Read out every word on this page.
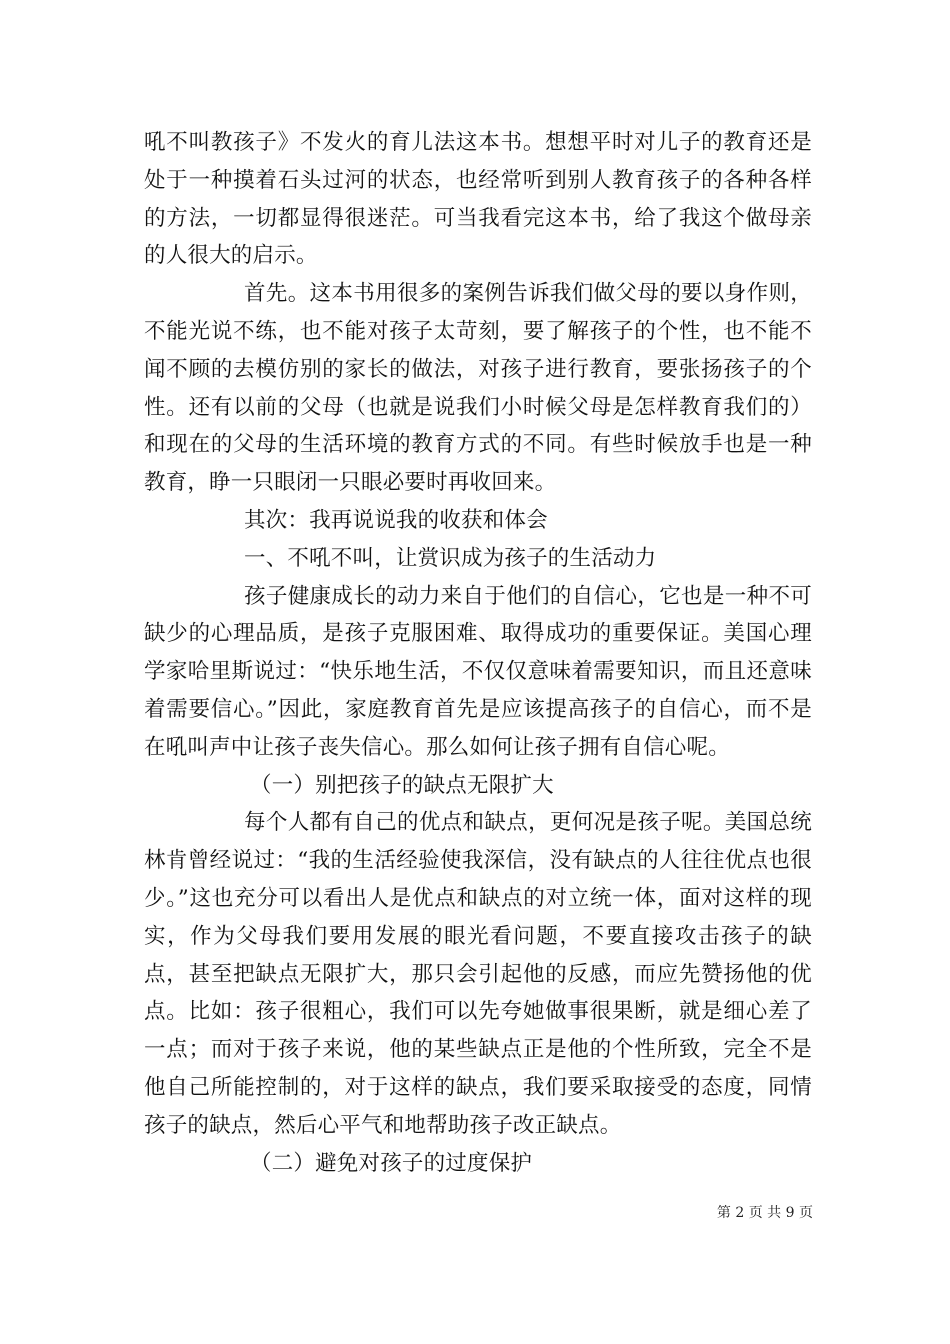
吼不叫教孩子》不发火的育儿法这本书。想想平时对儿子的教育还是处于一种摸着石头过河的状态，也经常听到别人教育孩子的各种各样的方法，一切都显得很迷茫。可当我看完这本书，给了我这个做母亲的人很大的启示。

首先。这本书用很多的案例告诉我们做父母的要以身作则，不能光说不练，也不能对孩子太苛刻，要了解孩子的个性，也不能不闻不顾的去模仿别的家长的做法，对孩子进行教育，要张扬孩子的个性。还有以前的父母（也就是说我们小时候父母是怎样教育我们的）和现在的父母的生活环境的教育方式的不同。有些时候放手也是一种教育，睁一只眼闭一只眼必要时再收回来。

其次：我再说说我的收获和体会

一、不吼不叫，让赏识成为孩子的生活动力

孩子健康成长的动力来自于他们的自信心，它也是一种不可缺少的心理品质，是孩子克服困难、取得成功的重要保证。美国心理学家哈里斯说过：“快乐地生活，不仅仅意味着需要知识，而且还意味着需要信心。”因此，家庭教育首先是应该提高孩子的自信心，而不是在吼叫声中让孩子丧失信心。那么如何让孩子拥有自信心呢。

（一）别把孩子的缺点无限扩大

每个人都有自己的优点和缺点，更何况是孩子呢。美国总统林肯曾经说过：“我的生活经验使我深信，没有缺点的人往往优点也很少。”这也充分可以看出人是优点和缺点的对立统一体，面对这样的现实，作为父母我们要用发展的眼光看问题，不要直接攻击孩子的缺点，甚至把缺点无限扩大，那只会引起他的反感，而应先赞扬他的优点。比如：孩子很粗心，我们可以先夸她做事很果断，就是细心差了一点；而对于孩子来说，他的某些缺点正是他的个性所致，完全不是他自己所能控制的，对于这样的缺点，我们要采取接受的态度，同情孩子的缺点，然后心平气和地帮助孩子改正缺点。

（二）避免对孩子的过度保护

第 2 页 共 9 页
